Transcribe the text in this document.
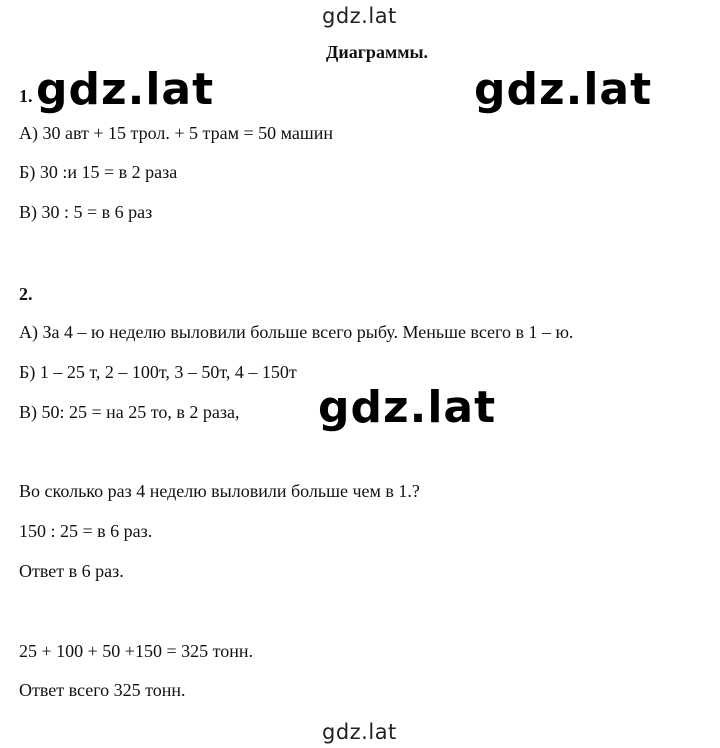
gdz.lat
Диаграммы.
1. gdz.lat	gdz.lat
А) 30 авт + 15 трол. + 5 трам = 50 машин
Б) 30 :и 15 = в 2 раза
В) 30 : 5 = в 6 раз
2.
А) За 4 – ю неделю выловили больше всего рыбу. Меньше всего в 1 – ю.
Б) 1 – 25 т, 2 – 100т, 3 – 50т, 4 – 150т
В) 50: 25 = на 25 то, в 2 раза, gdz.lat
Во сколько раз 4 неделю выловили больше чем в 1.?
150 : 25 = в 6 раз.
Ответ в 6 раз.
25 + 100 + 50 +150 = 325 тонн.
Ответ всего 325 тонн.
gdz.lat
